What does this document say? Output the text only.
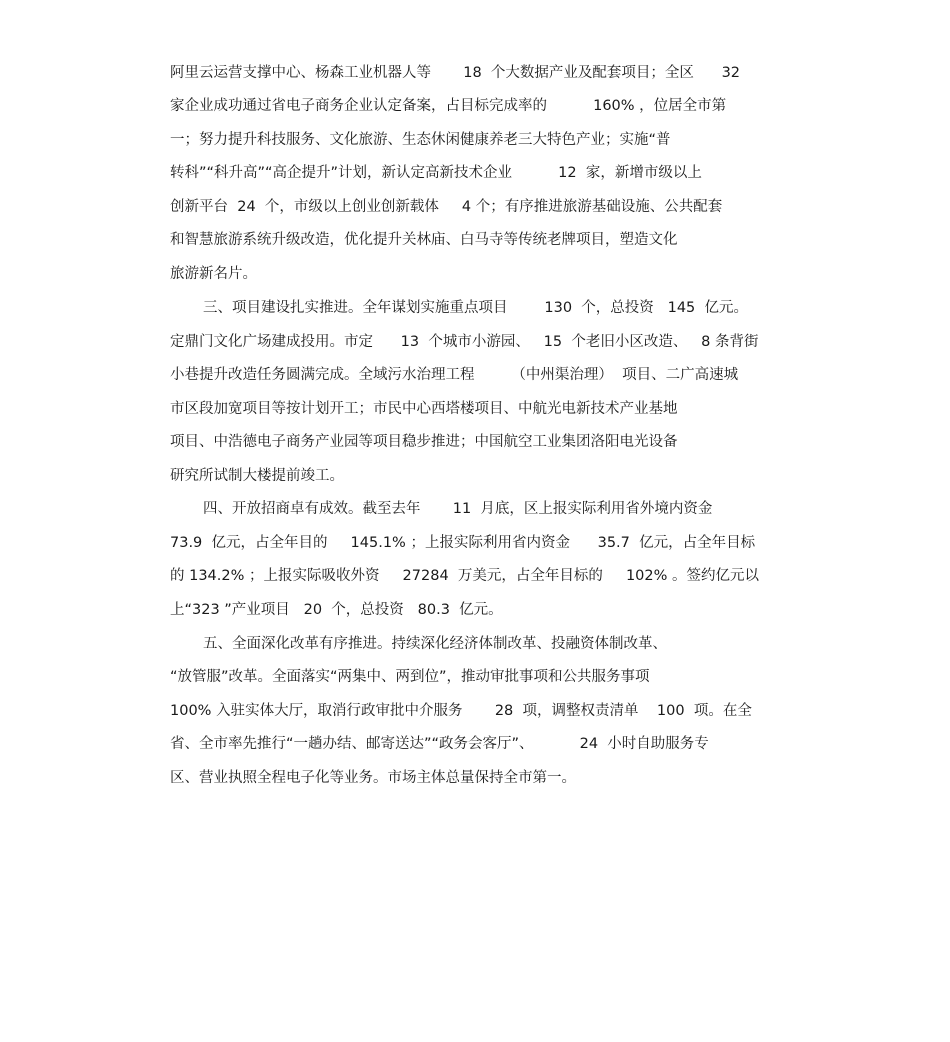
阿里云运营支撑中心、杨森工业机器人等       18  个大数据产业及配套项目；全区      32
家企业成功通过省电子商务企业认定备案，占目标完成率的          160% ，位居全市第
一；努力提升科技服务、文化旅游、生态休闲健康养老三大特色产业；实施“普
转科”“科升高”“高企提升”计划，新认定高新技术企业          12  家，新增市级以上
创新平台  24  个，市级以上创业创新载体     4 个；有序推进旅游基础设施、公共配套
和智慧旅游系统升级改造，优化提升关林庙、白马寺等传统老牌项目，塑造文化
旅游新名片。
三、项目建设扎实推进。全年谋划实施重点项目        130  个，总投资   145  亿元。
定鼎门文化广场建成投用。市定      13  个城市小游园、   15  个老旧小区改造、   8 条背街
小巷提升改造任务圆满完成。全域污水治理工程        （中州渠治理）  项目、二广高速城
市区段加宽项目等按计划开工；市民中心西塔楼项目、中航光电新技术产业基地
项目、中浩德电子商务产业园等项目稳步推进；中国航空工业集团洛阳电光设备
研究所试制大楼提前竣工。
四、开放招商卓有成效。截至去年       11  月底，区上报实际利用省外境内资金
73.9  亿元，占全年目的     145.1% ；上报实际利用省内资金      35.7  亿元，占全年目标
的 134.2% ；上报实际吸收外资     27284  万美元，占全年目标的     102% 。签约亿元以
上“323 ”产业项目   20  个，总投资   80.3  亿元。
五、全面深化改革有序推进。持续深化经济体制改革、投融资体制改革、
“放管服”改革。全面落实“两集中、两到位”，推动审批事项和公共服务事项
100% 入驻实体大厅，取消行政审批中介服务       28  项，调整权责清单    100  项。在全
省、全市率先推行“一趟办结、邮寄送达”“政务会客厅”、          24  小时自助服务专
区、营业执照全程电子化等业务。市场主体总量保持全市第一。
